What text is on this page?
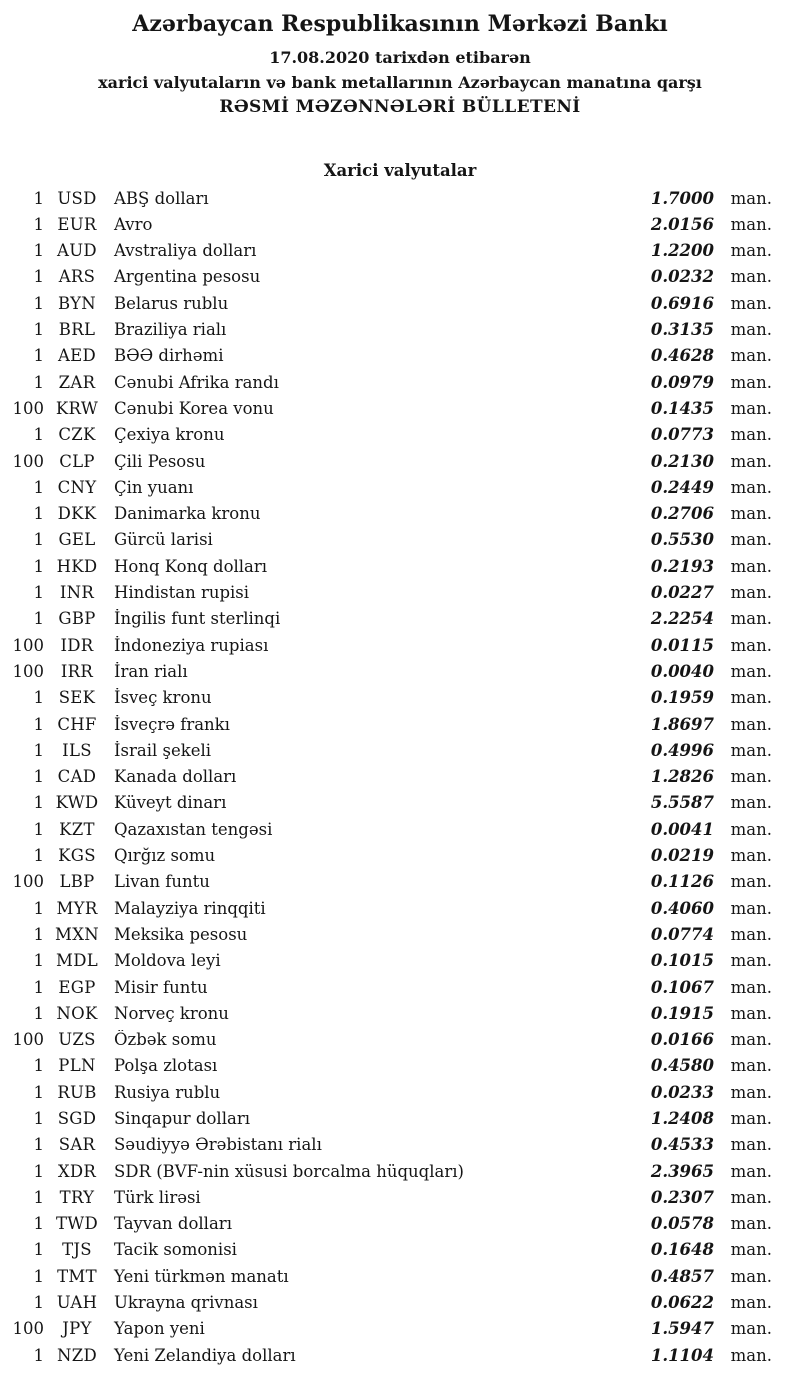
Azərbaycan Respublikasının Mərkəzi Bankı
17.08.2020 tarixdən etibarən
xarici valyutaların və bank metallarının Azərbaycan manatına qarşı
RƏSMİ MƏZƏNNƏLƏRİ BÜLLETENİ
Xarici valyutalar
1 USD	ABŞ dolları	1.7000	man.
1 EUR	Avro	2.0156	man.
1 AUD	Avstraliya dolları	1.2200	man.
1 ARS	Argentina pesosu	0.0232	man.
1 BYN	Belarus rublu	0.6916	man.
1 BRL	Braziliya rialı	0.3135	man.
1 AED	BƏƏ dirhəmi	0.4628	man.
1 ZAR	Cənubi Afrika randı	0.0979	man.
100 KRW Cənubi Korea vonu	0.1435	man.
1 CZK	Çexiya kronu	0.0773	man.
100 CLP	Çili Pesosu	0.2130	man.
1 CNY	Çin yuanı	0.2449	man.
1 DKK	Danimarka kronu	0.2706	man.
1 GEL	Gürcü larisi	0.5530	man.
1 HKD	Honq Konq dolları	0.2193	man.
1 INR	Hindistan rupisi	0.0227	man.
1 GBP	İngilis funt sterlinqi	2.2254	man.
100 IDR	İndoneziya rupiası	0.0115	man.
100	IRR	İran rialı	0.0040	man.
1 SEK	İsveç kronu	0.1959	man.
1 CHF	İsveçrə frankı	1.8697	man.
1	ILS	İsrail şekeli	0.4996	man.
1 CAD	Kanada dolları	1.2826	man.
1 KWD Küveyt dinarı	5.5587	man.
1 KZT	Qazaxıstan tengəsi	0.0041	man.
1 KGS	Qırğız somu	0.0219	man.
100 LBP	Livan funtu	0.1126	man.
1 MYR Malayziya rinqqiti	0.4060	man.
1 MXN Meksika pesosu	0.0774	man.
1 MDL Moldova leyi	0.1015	man.
1 EGP	Misir funtu	0.1067	man.
1 NOK Norveç kronu	0.1915	man.
100 UZS	Özbək somu	0.0166	man.
1 PLN	Polşa zlotası	0.4580	man.
1 RUB	Rusiya rublu	0.0233	man.
1 SGD	Sinqapur dolları	1.2408	man.
1 SAR	Səudiyyə Ərəbistanı rialı	0.4533	man.
1 XDR	SDR (BVF-nin xüsusi borcalma hüquqları)	2.3965	man.
1 TRY	Türk lirəsi	0.2307	man.
1 TWD Tayvan dolları	0.0578	man.
1	TJS	Tacik somonisi	0.1648	man.
1 TMT	Yeni türkmən manatı	0.4857	man.
1 UAH	Ukrayna qrivnası	0.0622	man.
100	JPY	Yapon yeni	1.5947	man.
1 NZD	Yeni Zelandiya dolları	1.1104	man.
